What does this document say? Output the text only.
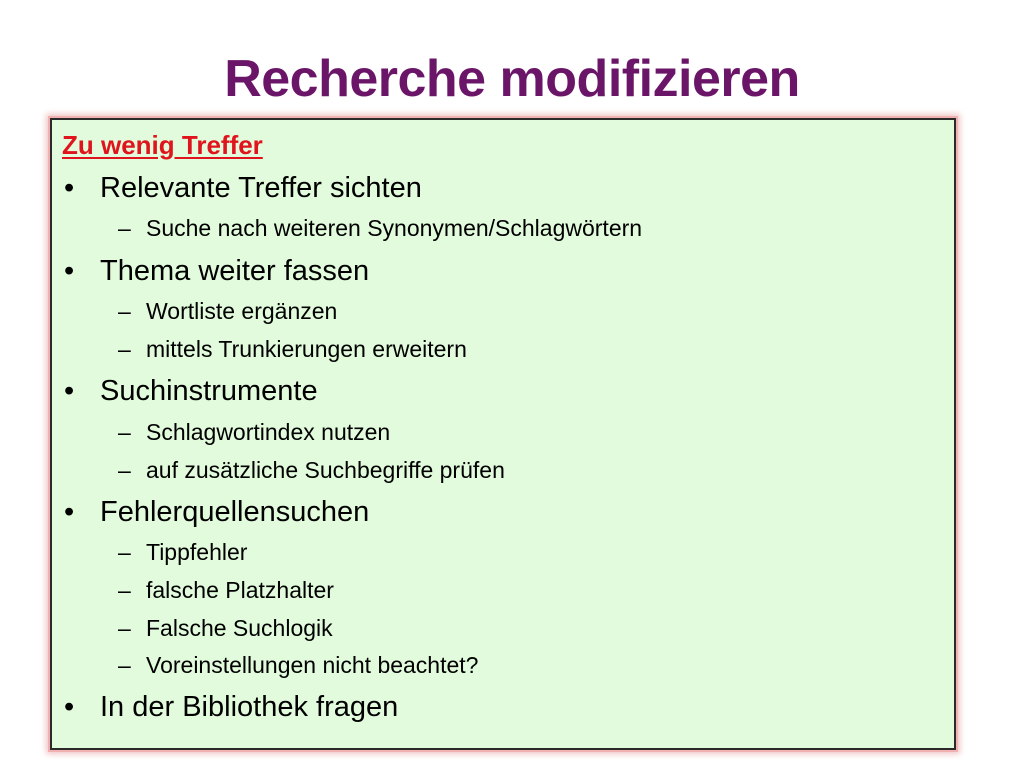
Recherche modifizieren
Zu wenig Treffer
• Relevante Treffer sichten
– Suche nach weiteren Synonymen/Schlagwörtern
• Thema weiter fassen
– Wortliste ergänzen
– mittels Trunkierungen erweitern
• Suchinstrumente
– Schlagwortindex nutzen
– auf zusätzliche Suchbegriffe prüfen
• Fehlerquellensuchen
– Tippfehler
– falsche Platzhalter
– Falsche Suchlogik
– Voreinstellungen nicht beachtet?
• In der Bibliothek fragen
